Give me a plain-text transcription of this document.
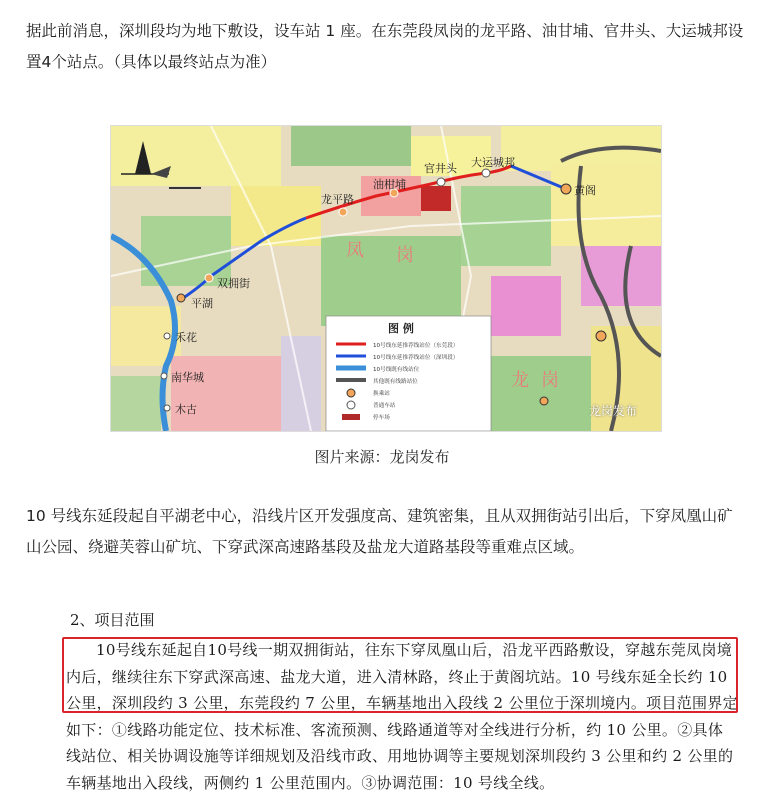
据此前消息，深圳段均为地下敷设，设车站 1 座。在东莞段凤岗的龙平路、油甘埔、官井头、大运城邦设置4个站点。（具体以最终站点为准）
官井头 大运城邦
黄阁
油柑埔
龙平路
双拥街
平湖
禾花
南华城
木古
凤 岗
龙 岗
图 例
10号线东延推荐线站位（东莞段）
10号线东延推荐线站位（深圳段）
10号线既有线站位
其他既有线路站位
换乘站
普通车站
停车场	龙岗发布
图片来源：龙岗发布
10 号线东延段起自平湖老中心，沿线片区开发强度高、建筑密集，且从双拥街站引出后，下穿凤凰山矿山公园、绕避芙蓉山矿坑、下穿武深高速路基段及盐龙大道路基段等重难点区域。
2、项目范围
10号线东延起自10号线一期双拥街站，往东下穿凤凰山后，沿龙平西路敷设，穿越东莞凤岗境内后，继续往东下穿武深高速、盐龙大道，进入清林路，终止于黄阁坑站。10 号线东延全长约 10 公里，深圳段约 3 公里，东莞段约 7 公里，车辆基地出入段线 2 公里位于深圳境内。项目范围界定如下：①线路功能定位、技术标准、客流预测、线路通道等对全线进行分析，约 10 公里。②具体线站位、相关协调设施等详细规划及沿线市政、用地协调等主要规划深圳段约 3 公里和约 2 公里的车辆基地出入段线，两侧约 1 公里范围内。③协调范围：10 号线全线。
